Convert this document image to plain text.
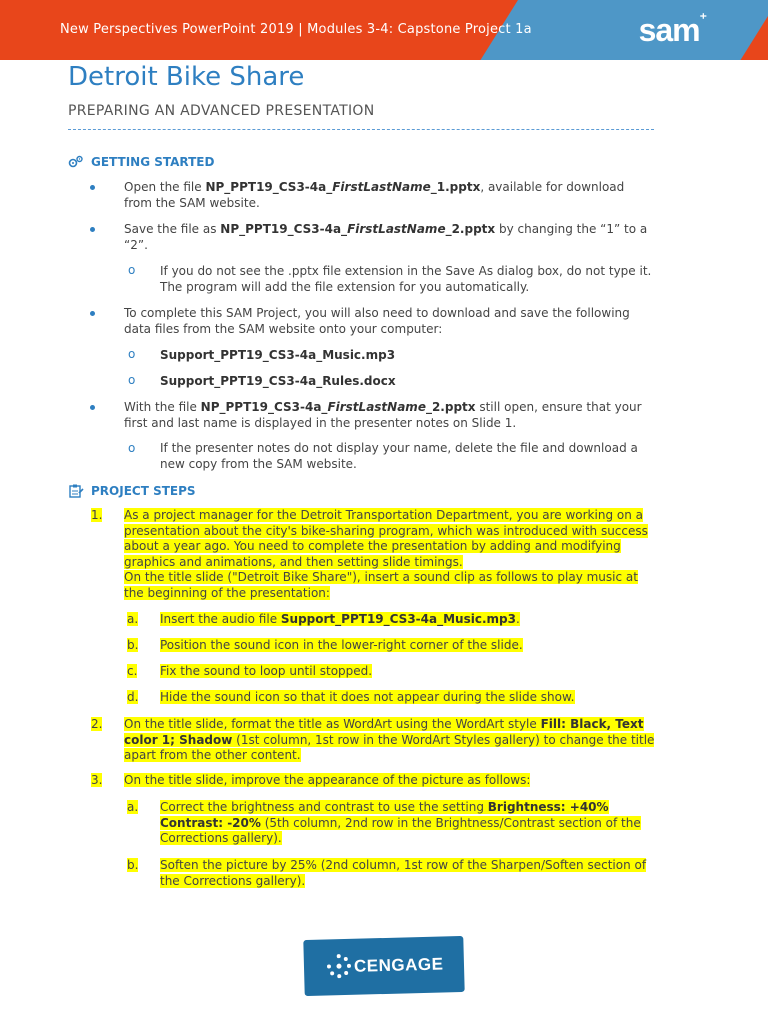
New Perspectives PowerPoint 2019 | Modules 3-4: Capstone Project 1a	sam⁺
Detroit Bike Share
PREPARING AN ADVANCED PRESENTATION
GETTING STARTED
Open the file NP_PPT19_CS3-4a_FirstLastName_1.pptx, available for download
from the SAM website.
Save the file as NP_PPT19_CS3-4a_FirstLastName_2.pptx by changing the “1” to a
“2”.
o If you do not see the .pptx file extension in the Save As dialog box, do not type it.
The program will add the file extension for you automatically.
To complete this SAM Project, you will also need to download and save the following
data files from the SAM website onto your computer:
o Support_PPT19_CS3-4a_Music.mp3
o Support_PPT19_CS3-4a_Rules.docx
With the file NP_PPT19_CS3-4a_FirstLastName_2.pptx still open, ensure that your
first and last name is displayed in the presenter notes on Slide 1.
o If the presenter notes do not display your name, delete the file and download a
new copy from the SAM website.
PROJECT STEPS
1. As a project manager for the Detroit Transportation Department, you are working on a
presentation about the city's bike-sharing program, which was introduced with success
about a year ago. You need to complete the presentation by adding and modifying
graphics and animations, and then setting slide timings.
On the title slide ("Detroit Bike Share"), insert a sound clip as follows to play music at
the beginning of the presentation:
a. Insert the audio file Support_PPT19_CS3-4a_Music.mp3.
b. Position the sound icon in the lower-right corner of the slide.
c. Fix the sound to loop until stopped.
d. Hide the sound icon so that it does not appear during the slide show.
2. On the title slide, format the title as WordArt using the WordArt style Fill: Black, Text
color 1; Shadow (1st column, 1st row in the WordArt Styles gallery) to change the title
apart from the other content.
3. On the title slide, improve the appearance of the picture as follows:
a. Correct the brightness and contrast to use the setting Brightness: +40%
Contrast: -20% (5th column, 2nd row in the Brightness/Contrast section of the
Corrections gallery).
b. Soften the picture by 25% (2nd column, 1st row of the Sharpen/Soften section of
the Corrections gallery).
CENGAGE
